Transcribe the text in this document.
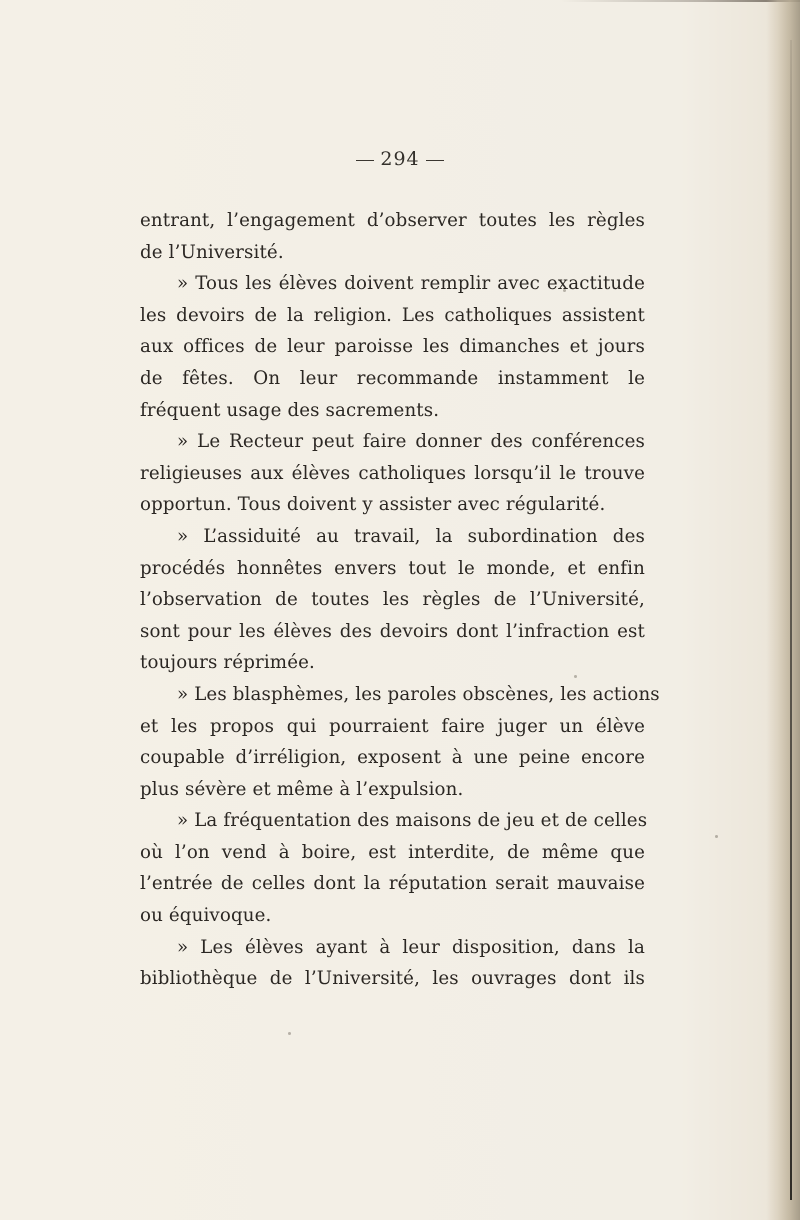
294
entrant, l’engagement d’observer toutes les règles
de l’Université.
» Tous les élèves doivent remplir avec exactitude
les devoirs de la religion. Les catholiques assistent
aux offices de leur paroisse les dimanches et jours
de fêtes. On leur recommande instamment le
fréquent usage des sacrements.
» Le Recteur peut faire donner des conférences
religieuses aux élèves catholiques lorsqu’il le trouve
opportun. Tous doivent y assister avec régularité.
» L’assiduité au travail, la subordination des
procédés honnêtes envers tout le monde, et enfin
l’observation de toutes les règles de l’Université,
sont pour les élèves des devoirs dont l’infraction est
toujours réprimée.
» Les blasphèmes, les paroles obscènes, les actions
et les propos qui pourraient faire juger un élève
coupable d’irréligion, exposent à une peine encore
plus sévère et même à l’expulsion.
» La fréquentation des maisons de jeu et de celles
où l’on vend à boire, est interdite, de même que
l’entrée de celles dont la réputation serait mauvaise
ou équivoque.
» Les élèves ayant à leur disposition, dans la
bibliothèque de l’Université, les ouvrages dont ils
